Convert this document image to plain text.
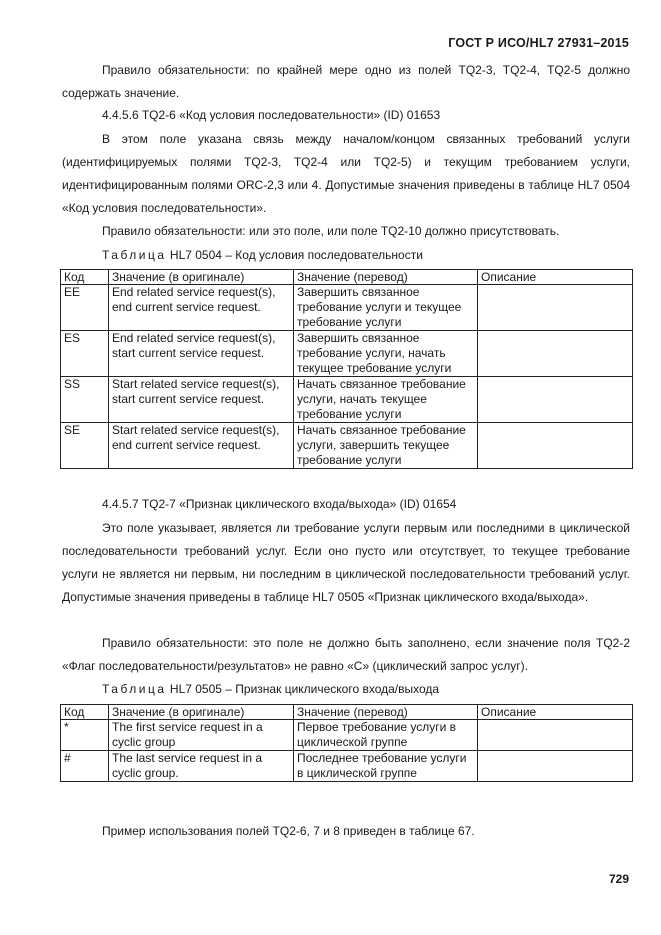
ГОСТ Р ИСО/HL7 27931–2015

Правило обязательности: по крайней мере одно из полей TQ2-3, TQ2-4, TQ2-5 должно содержать значение.

4.4.5.6 TQ2-6 «Код условия последовательности» (ID) 01653

В этом поле указана связь между началом/концом связанных требований услуги (идентифицируемых полями TQ2-3, TQ2-4 или TQ2-5) и текущим требованием услуги, идентифицированным полями ORC-2,3 или 4. Допустимые значения приведены в таблице HL7 0504 «Код условия последовательности».

Правило обязательности: или это поле, или поле TQ2-10 должно присутствовать.

Таблица HL7 0504 – Код условия последовательности
Код	Значение (в оригинале)	Значение (перевод)	Описание
EE	End related service request(s), end current service request.	Завершить связанное требование услуги и текущее требование услуги	
ES	End related service request(s), start current service request.	Завершить связанное требование услуги, начать текущее требование услуги	
SS	Start related service request(s), start current service request.	Начать связанное требование услуги, начать текущее требование услуги	
SE	Start related service request(s), end current service request.	Начать связанное требование услуги, завершить текущее требование услуги	

4.4.5.7 TQ2-7 «Признак циклического входа/выхода» (ID) 01654

Это поле указывает, является ли требование услуги первым или последними в циклической последовательности требований услуг. Если оно пусто или отсутствует, то текущее требование услуги не является ни первым, ни последним в циклической последовательности требований услуг. Допустимые значения приведены в таблице HL7 0505 «Признак циклического входа/выхода».

Правило обязательности: это поле не должно быть заполнено, если значение поля TQ2-2 «Флаг последовательности/результатов» не равно «С» (циклический запрос услуг).

Таблица HL7 0505 – Признак циклического входа/выхода
Код	Значение (в оригинале)	Значение (перевод)	Описание
*	The first service request in a cyclic group	Первое требование услуги в циклической группе	
#	The last service request in a cyclic group.	Последнее требование услуги в циклической группе	

Пример использования полей TQ2-6, 7 и 8 приведен в таблице 67.

729
